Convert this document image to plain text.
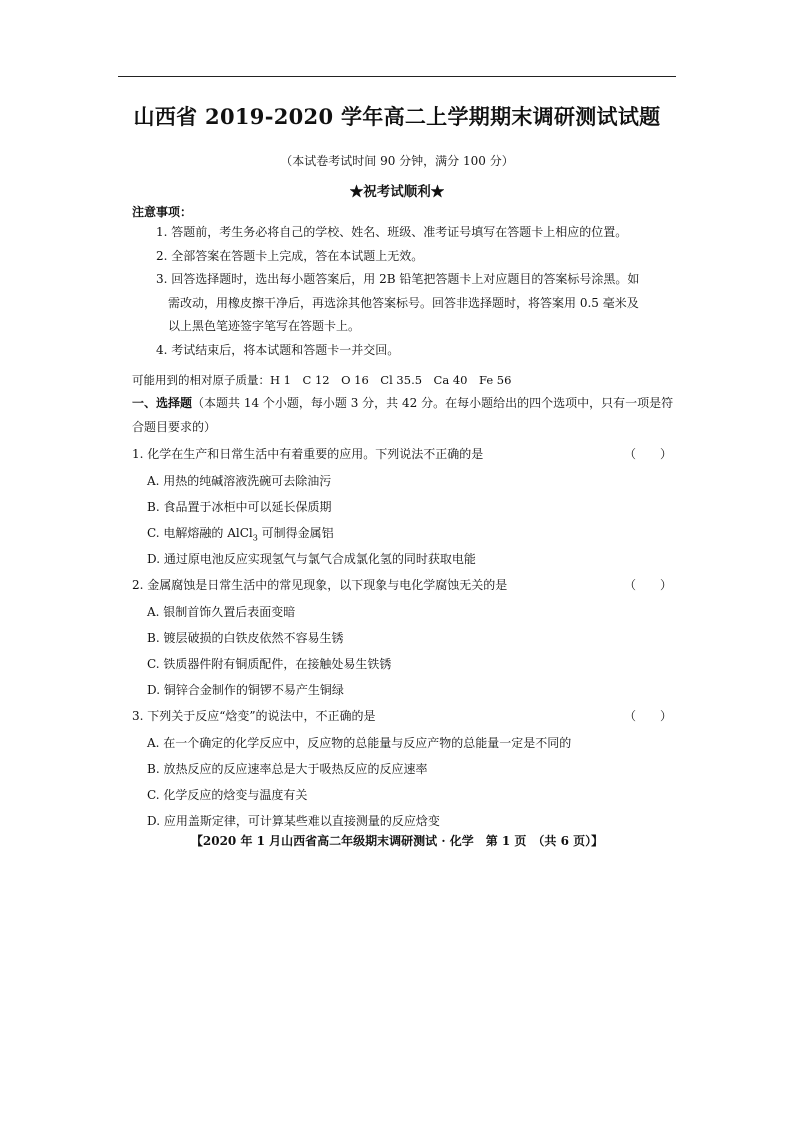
山西省 2019-2020 学年高二上学期期末调研测试试题
（本试卷考试时间 90 分钟，满分 100 分）
★祝考试顺利★
注意事项：
1. 答题前，考生务必将自己的学校、姓名、班级、准考证号填写在答题卡上相应的位置。
2. 全部答案在答题卡上完成，答在本试题上无效。
3. 回答选择题时，选出每小题答案后，用 2B 铅笔把答题卡上对应题目的答案标号涂黑。如
需改动，用橡皮擦干净后，再选涂其他答案标号。回答非选择题时，将答案用 0.5 毫米及
以上黑色笔迹签字笔写在答题卡上。
4. 考试结束后，将本试题和答题卡一并交回。
可能用到的相对原子质量：H 1　C 12　O 16　Cl 35.5　Ca 40　Fe 56
一、选择题（本题共 14 个小题，每小题 3 分，共 42 分。在每小题给出的四个选项中，只有一项是符合题目要求的）
1. 化学在生产和日常生活中有着重要的应用。下列说法不正确的是	（　　）
A. 用热的纯碱溶液洗碗可去除油污
B. 食品置于冰柜中可以延长保质期
C. 电解熔融的 AlCl$_3$ 可制得金属铝
D. 通过原电池反应实现氢气与氯气合成氯化氢的同时获取电能
2. 金属腐蚀是日常生活中的常见现象，以下现象与电化学腐蚀无关的是	（　　）
A. 银制首饰久置后表面变暗
B. 镀层破损的白铁皮依然不容易生锈
C. 铁质器件附有铜质配件，在接触处易生铁锈
D. 铜锌合金制作的铜锣不易产生铜绿
3. 下列关于反应“焓变”的说法中，不正确的是	（　　）
A. 在一个确定的化学反应中，反应物的总能量与反应产物的总能量一定是不同的
B. 放热反应的反应速率总是大于吸热反应的反应速率
C. 化学反应的焓变与温度有关
D. 应用盖斯定律，可计算某些难以直接测量的反应焓变
【2020 年 1 月山西省高二年级期末调研测试 · 化学　第 1 页　（共 6 页）】
